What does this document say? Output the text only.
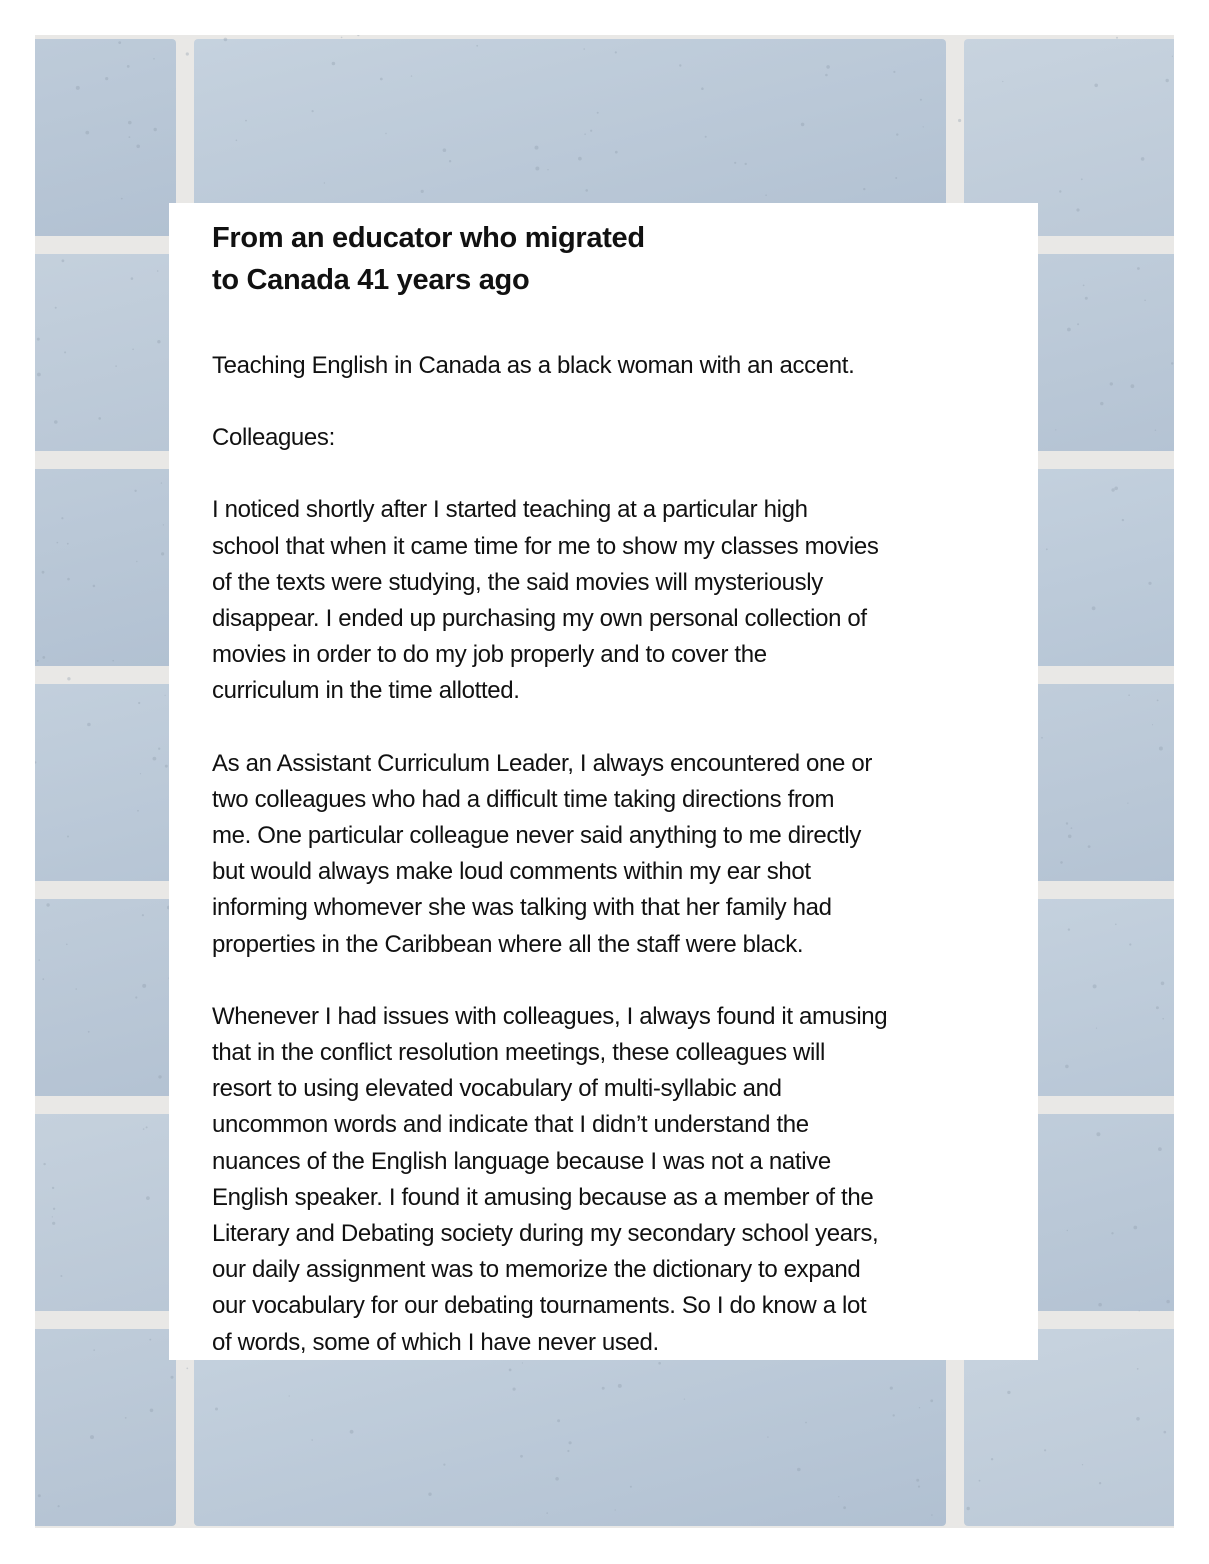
From an educator who migrated
to Canada 41 years ago

Teaching English in Canada as a black woman with an accent.

Colleagues:

I noticed shortly after I started teaching at a particular high
school that when it came time for me to show my classes movies
of the texts were studying, the said movies will mysteriously
disappear. I ended up purchasing my own personal collection of
movies in order to do my job properly and to cover the
curriculum in the time allotted.

As an Assistant Curriculum Leader, I always encountered one or
two colleagues who had a difficult time taking directions from
me. One particular colleague never said anything to me directly
but would always make loud comments within my ear shot
informing whomever she was talking with that her family had
properties in the Caribbean where all the staff were black.

Whenever I had issues with colleagues, I always found it amusing
that in the conflict resolution meetings, these colleagues will
resort to using elevated vocabulary of multi-syllabic and
uncommon words and indicate that I didn’t understand the
nuances of the English language because I was not a native
English speaker. I found it amusing because as a member of the
Literary and Debating society during my secondary school years,
our daily assignment was to memorize the dictionary to expand
our vocabulary for our debating tournaments. So I do know a lot
of words, some of which I have never used.
